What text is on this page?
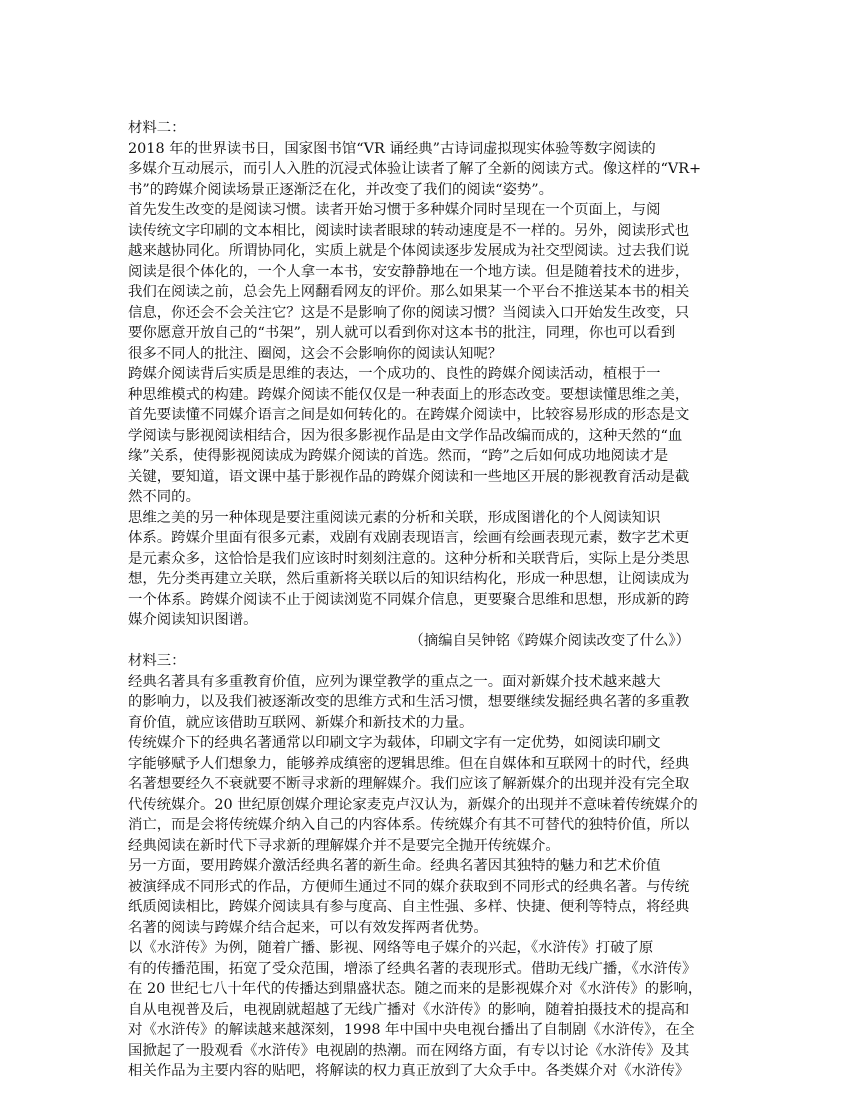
材料二：
2018 年的世界读书日，国家图书馆“VR 诵经典”古诗词虚拟现实体验等数字阅读的
多媒介互动展示，而引人入胜的沉浸式体验让读者了解了全新的阅读方式。像这样的“VR+
书”的跨媒介阅读场景正逐渐泛在化，并改变了我们的阅读“姿势”。
首先发生改变的是阅读习惯。读者开始习惯于多种媒介同时呈现在一个页面上，与阅
读传统文字印刷的文本相比，阅读时读者眼球的转动速度是不一样的。另外，阅读形式也
越来越协同化。所谓协同化，实质上就是个体阅读逐步发展成为社交型阅读。过去我们说
阅读是很个体化的，一个人拿一本书，安安静静地在一个地方读。但是随着技术的进步，
我们在阅读之前，总会先上网翻看网友的评价。那么如果某一个平台不推送某本书的相关
信息，你还会不会关注它？这是不是影响了你的阅读习惯？当阅读入口开始发生改变，只
要你愿意开放自己的“书架”，别人就可以看到你对这本书的批注，同理，你也可以看到
很多不同人的批注、圈阅，这会不会影响你的阅读认知呢？
跨媒介阅读背后实质是思维的表达，一个成功的、良性的跨媒介阅读活动，植根于一
种思维模式的构建。跨媒介阅读不能仅仅是一种表面上的形态改变。要想读懂思维之美，
首先要读懂不同媒介语言之间是如何转化的。在跨媒介阅读中，比较容易形成的形态是文
学阅读与影视阅读相结合，因为很多影视作品是由文学作品改编而成的，这种天然的“血
缘”关系，使得影视阅读成为跨媒介阅读的首选。然而，“跨”之后如何成功地阅读才是
关键，要知道，语文课中基于影视作品的跨媒介阅读和一些地区开展的影视教育活动是截
然不同的。
思维之美的另一种体现是要注重阅读元素的分析和关联，形成图谱化的个人阅读知识
体系。跨媒介里面有很多元素，戏剧有戏剧表现语言，绘画有绘画表现元素，数字艺术更
是元素众多，这恰恰是我们应该时时刻刻注意的。这种分析和关联背后，实际上是分类思
想，先分类再建立关联，然后重新将关联以后的知识结构化，形成一种思想，让阅读成为
一个体系。跨媒介阅读不止于阅读浏览不同媒介信息，更要聚合思维和思想，形成新的跨
媒介阅读知识图谱。
（摘编自吴钟铭《跨媒介阅读改变了什么》）
材料三：
经典名著具有多重教育价值，应列为课堂教学的重点之一。面对新媒介技术越来越大
的影响力，以及我们被逐渐改变的思维方式和生活习惯，想要继续发掘经典名著的多重教
育价值，就应该借助互联网、新媒介和新技术的力量。
传统媒介下的经典名著通常以印刷文字为载体，印刷文字有一定优势，如阅读印刷文
字能够赋予人们想象力，能够养成缜密的逻辑思维。但在自媒体和互联网十的时代，经典
名著想要经久不衰就要不断寻求新的理解媒介。我们应该了解新媒介的出现并没有完全取
代传统媒介。20 世纪原创媒介理论家麦克卢汉认为，新媒介的出现并不意味着传统媒介的
消亡，而是会将传统媒介纳入自己的内容体系。传统媒介有其不可替代的独特价值，所以
经典阅读在新时代下寻求新的理解媒介并不是要完全抛开传统媒介。
另一方面，要用跨媒介激活经典名著的新生命。经典名著因其独特的魅力和艺术价值
被演绎成不同形式的作品，方便师生通过不同的媒介获取到不同形式的经典名著。与传统
纸质阅读相比，跨媒介阅读具有参与度高、自主性强、多样、快捷、便利等特点，将经典
名著的阅读与跨媒介结合起来，可以有效发挥两者优势。
以《水浒传》为例，随着广播、影视、网络等电子媒介的兴起，《水浒传》打破了原
有的传播范围，拓宽了受众范围，增添了经典名著的表现形式。借助无线广播，《水浒传》
在 20 世纪七八十年代的传播达到鼎盛状态。随之而来的是影视媒介对《水浒传》的影响，
自从电视普及后，电视剧就超越了无线广播对《水浒传》的影响，随着拍摄技术的提高和
对《水浒传》的解读越来越深刻，1998 年中国中央电视台播出了自制剧《水浒传》，在全
国掀起了一股观看《水浒传》电视剧的热潮。而在网络方面，有专以讨论《水浒传》及其
相关作品为主要内容的贴吧，将解读的权力真正放到了大众手中。各类媒介对《水浒传》
